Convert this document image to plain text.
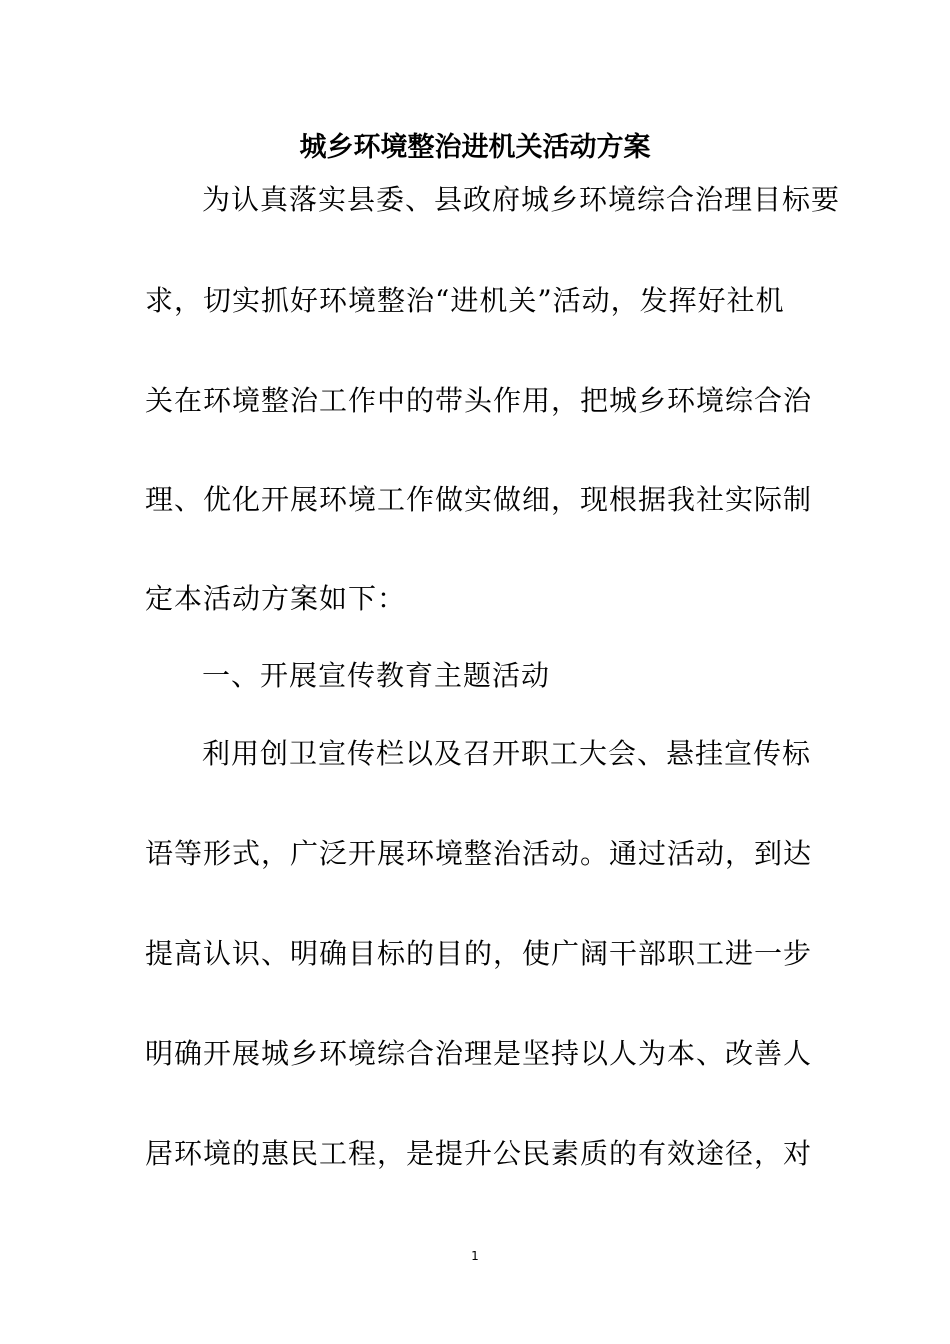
城乡环境整治进机关活动方案
为认真落实县委、县政府城乡环境综合治理目标要
求，切实抓好环境整治“进机关”活动，发挥好社机
关在环境整治工作中的带头作用，把城乡环境综合治
理、优化开展环境工作做实做细，现根据我社实际制
定本活动方案如下：
一、开展宣传教育主题活动
利用创卫宣传栏以及召开职工大会、悬挂宣传标
语等形式，广泛开展环境整治活动。通过活动，到达
提高认识、明确目标的目的，使广阔干部职工进一步
明确开展城乡环境综合治理是坚持以人为本、改善人
居环境的惠民工程，是提升公民素质的有效途径，对
1
